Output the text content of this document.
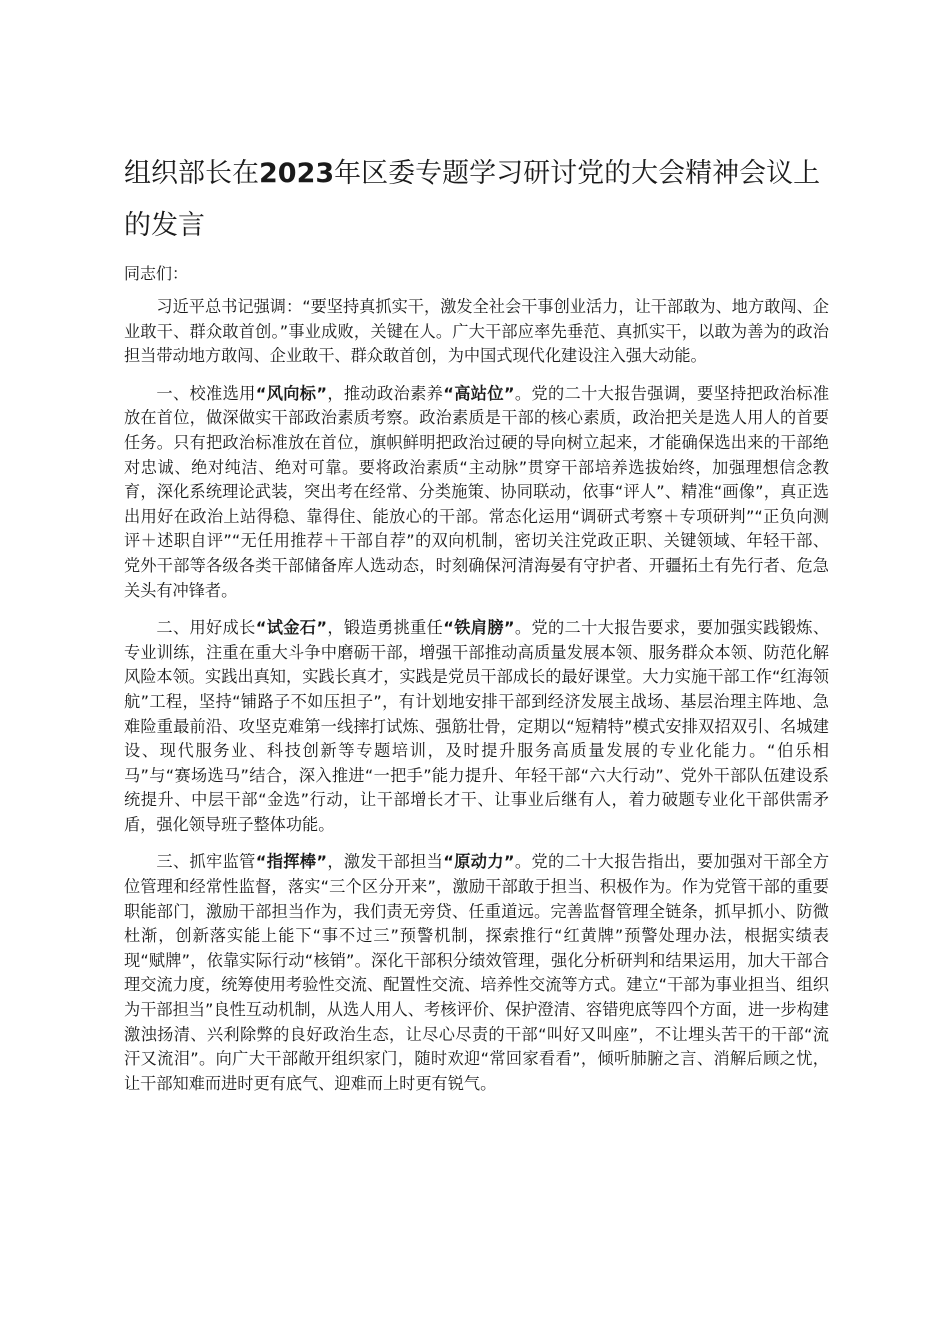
组织部长在2023年区委专题学习研讨党的大会精神会议上的发言

同志们：

习近平总书记强调：“要坚持真抓实干，激发全社会干事创业活力，让干部敢为、地方敢闯、企业敢干、群众敢首创。”事业成败，关键在人。广大干部应率先垂范、真抓实干，以敢为善为的政治担当带动地方敢闯、企业敢干、群众敢首创，为中国式现代化建设注入强大动能。

一、校准选用“风向标”，推动政治素养“高站位”。党的二十大报告强调，要坚持把政治标准放在首位，做深做实干部政治素质考察。政治素质是干部的核心素质，政治把关是选人用人的首要任务。只有把政治标准放在首位，旗帜鲜明把政治过硬的导向树立起来，才能确保选出来的干部绝对忠诚、绝对纯洁、绝对可靠。要将政治素质“主动脉”贯穿干部培养选拔始终，加强理想信念教育，深化系统理论武装，突出考在经常、分类施策、协同联动，依事“评人”、精准“画像”，真正选出用好在政治上站得稳、靠得住、能放心的干部。常态化运用“调研式考察＋专项研判”“正负向测评＋述职自评”“无任用推荐＋干部自荐”的双向机制，密切关注党政正职、关键领域、年轻干部、党外干部等各级各类干部储备库人选动态，时刻确保河清海晏有守护者、开疆拓土有先行者、危急关头有冲锋者。

二、用好成长“试金石”，锻造勇挑重任“铁肩膀”。党的二十大报告要求，要加强实践锻炼、专业训练，注重在重大斗争中磨砺干部，增强干部推动高质量发展本领、服务群众本领、防范化解风险本领。实践出真知，实践长真才，实践是党员干部成长的最好课堂。大力实施干部工作“红海领航”工程，坚持“铺路子不如压担子”，有计划地安排干部到经济发展主战场、基层治理主阵地、急难险重最前沿、攻坚克难第一线摔打试炼、强筋壮骨，定期以“短精特”模式安排双招双引、名城建设、现代服务业、科技创新等专题培训，及时提升服务高质量发展的专业化能力。“伯乐相马”与“赛场选马”结合，深入推进“一把手”能力提升、年轻干部“六大行动”、党外干部队伍建设系统提升、中层干部“金选”行动，让干部增长才干、让事业后继有人，着力破题专业化干部供需矛盾，强化领导班子整体功能。

三、抓牢监管“指挥棒”，激发干部担当“原动力”。党的二十大报告指出，要加强对干部全方位管理和经常性监督，落实“三个区分开来”，激励干部敢于担当、积极作为。作为党管干部的重要职能部门，激励干部担当作为，我们责无旁贷、任重道远。完善监督管理全链条，抓早抓小、防微杜渐，创新落实能上能下“事不过三”预警机制，探索推行“红黄牌”预警处理办法，根据实绩表现“赋牌”，依靠实际行动“核销”。深化干部积分绩效管理，强化分析研判和结果运用，加大干部合理交流力度，统筹使用考验性交流、配置性交流、培养性交流等方式。建立“干部为事业担当、组织为干部担当”良性互动机制，从选人用人、考核评价、保护澄清、容错兜底等四个方面，进一步构建激浊扬清、兴利除弊的良好政治生态，让尽心尽责的干部“叫好又叫座”，不让埋头苦干的干部“流汗又流泪”。向广大干部敞开组织家门，随时欢迎“常回家看看”，倾听肺腑之言、消解后顾之忧，让干部知难而进时更有底气、迎难而上时更有锐气。
